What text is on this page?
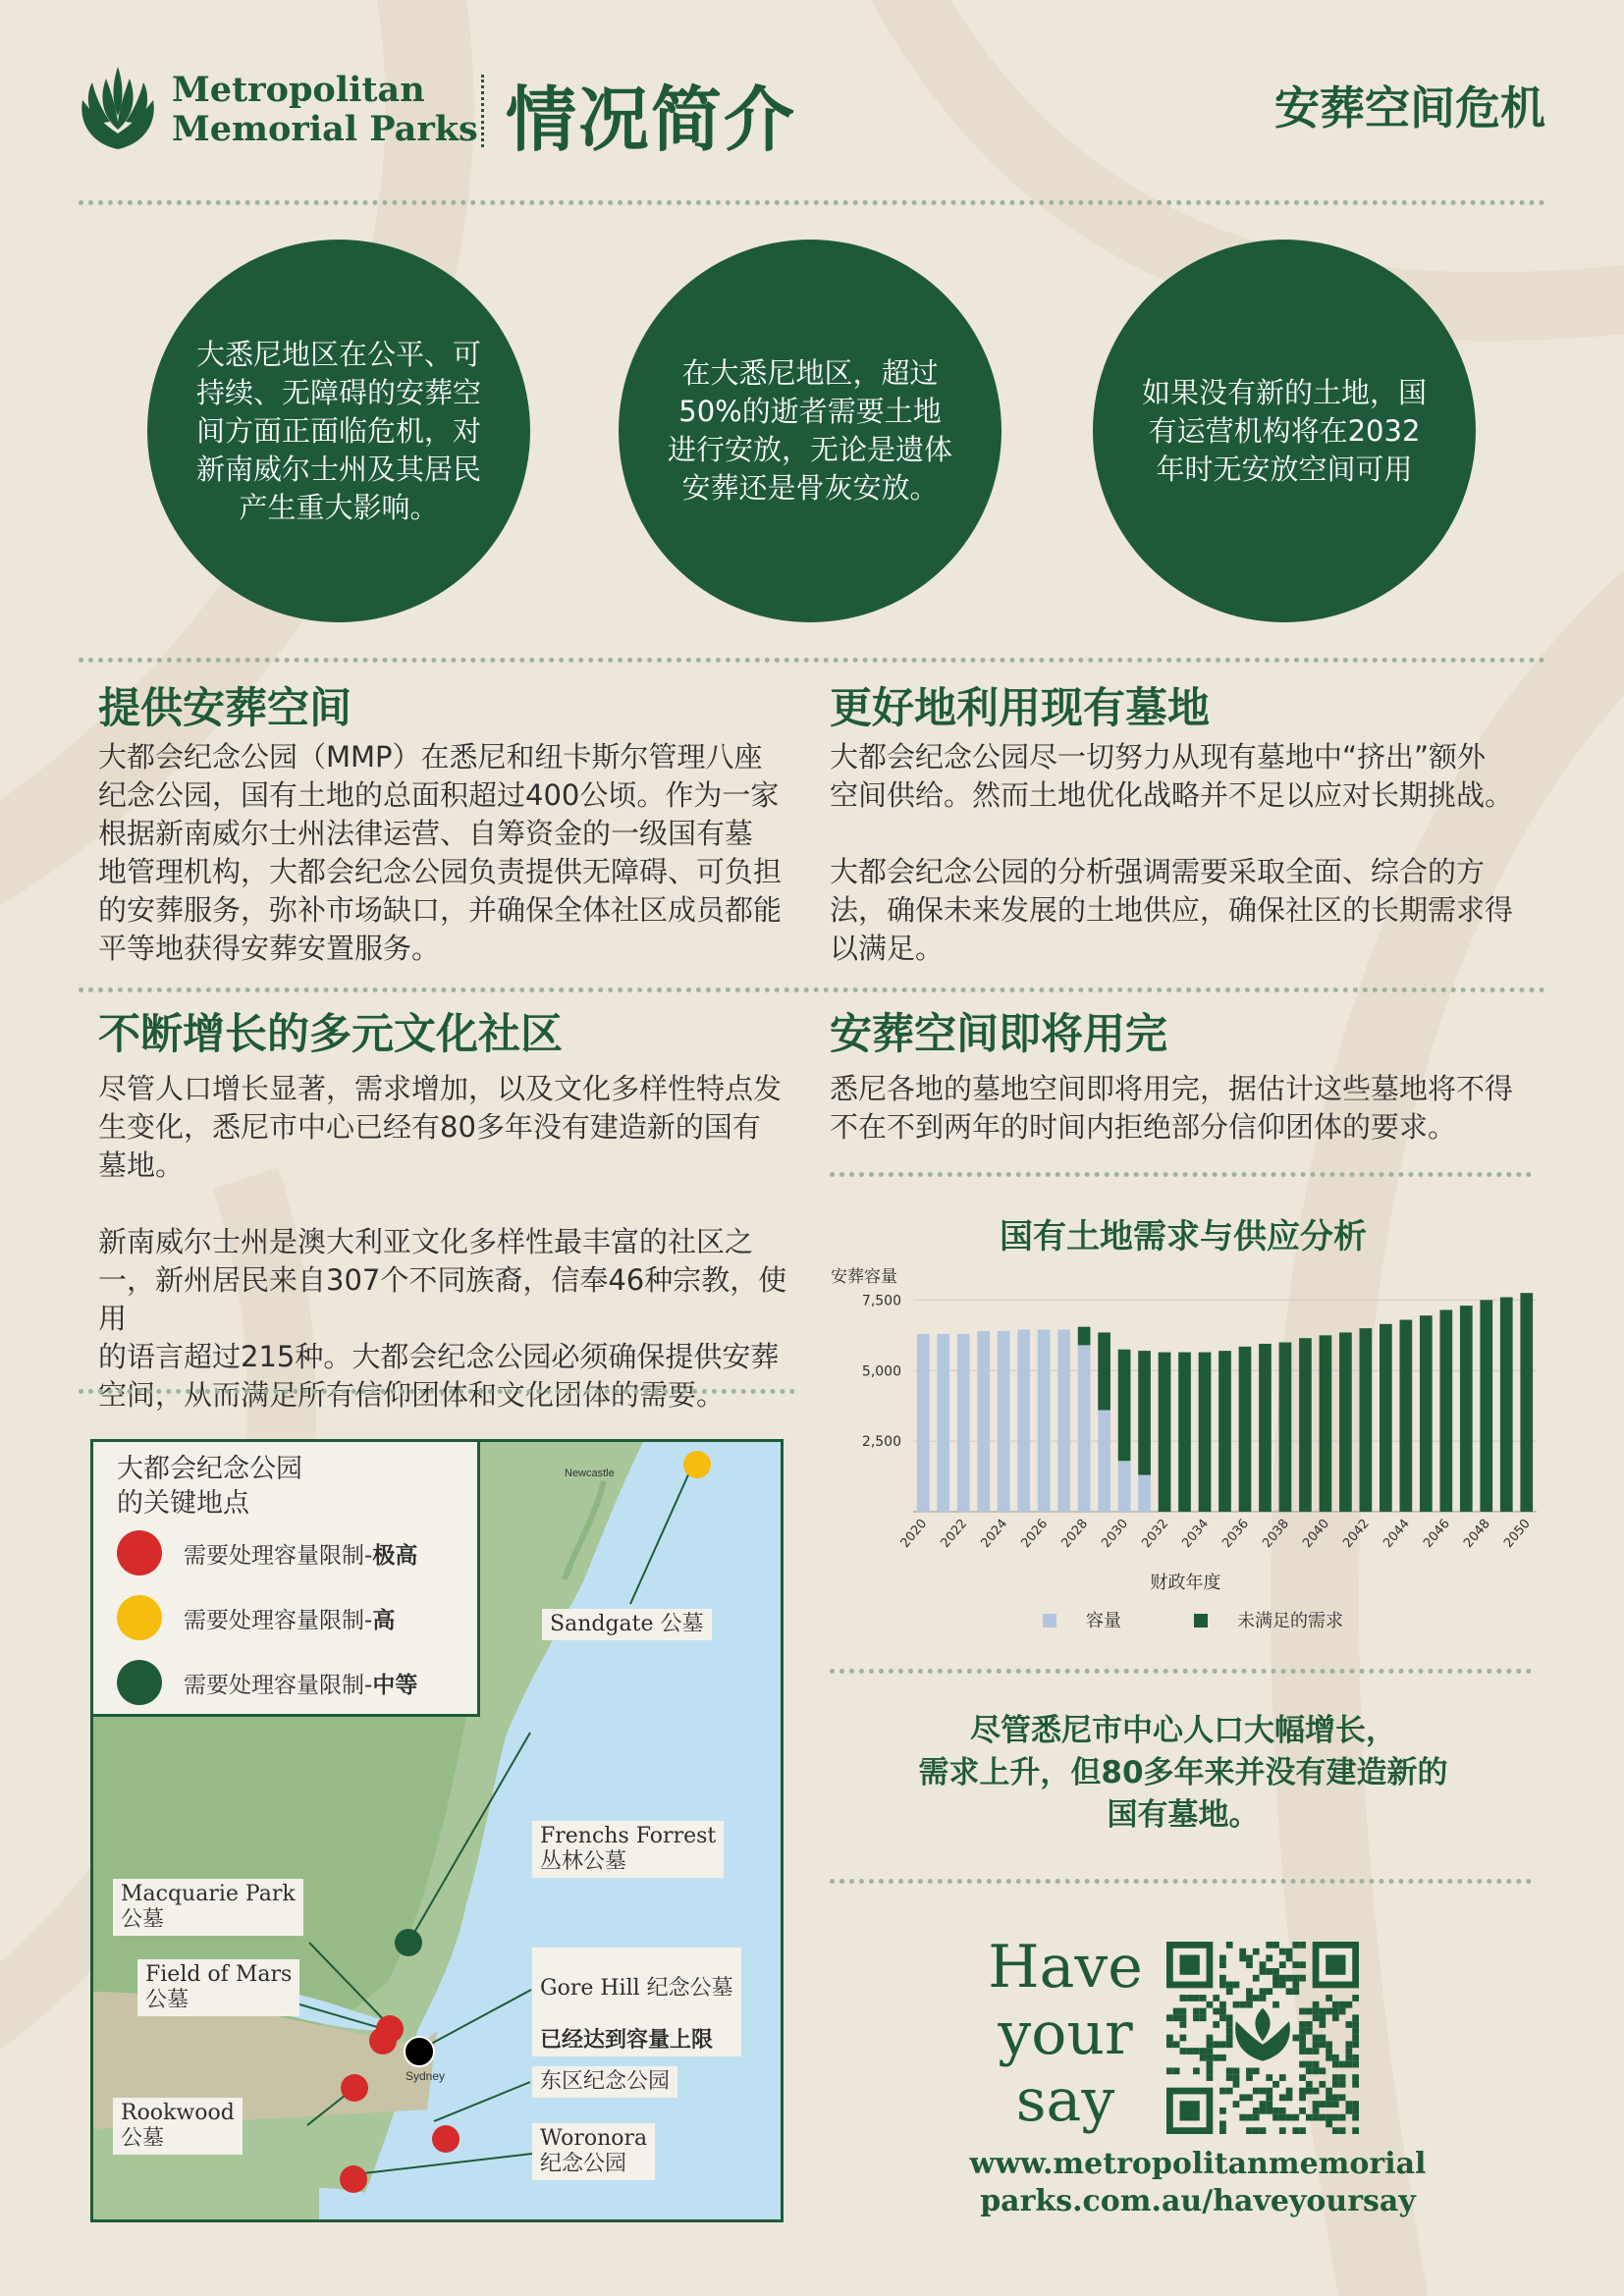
Metropolitan
Memorial Parks 情况简介	安葬空间危机
大悉尼地区在公平、可持续、无障碍的安葬空间方面正面临危机，对新南威尔士州及其居民产生重大影响。
在大悉尼地区，超过50%的逝者需要土地进行安放，无论是遗体安葬还是骨灰安放。
如果没有新的土地，国有运营机构将在2032年时无安放空间可用
提供安葬空间
大都会纪念公园（MMP）在悉尼和纽卡斯尔管理八座
纪念公园，国有土地的总面积超过400公顷。作为一家
根据新南威尔士州法律运营、自筹资金的一级国有墓
地管理机构，大都会纪念公园负责提供无障碍、可负担
的安葬服务，弥补市场缺口，并确保全体社区成员都能
平等地获得安葬安置服务。
更好地利用现有墓地
大都会纪念公园尽一切努力从现有墓地中“挤出”额外
空间供给。然而土地优化战略并不足以应对长期挑战。

大都会纪念公园的分析强调需要采取全面、综合的方
法，确保未来发展的土地供应，确保社区的长期需求得
以满足。
不断增长的多元文化社区
尽管人口增长显著，需求增加，以及文化多样性特点发
生变化，悉尼市中心已经有80多年没有建造新的国有
墓地。

新南威尔士州是澳大利亚文化多样性最丰富的社区之
一，新州居民来自307个不同族裔，信奉46种宗教，使用
的语言超过215种。大都会纪念公园必须确保提供安葬
空间，从而满足所有信仰团体和文化团体的需要。
安葬空间即将用完
悉尼各地的墓地空间即将用完，据估计这些墓地将不得
不在不到两年的时间内拒绝部分信仰团体的要求。
国有土地需求与供应分析
安葬容量
2,500
5,000
7,500
2020 2022 2024 2026 2028 2030 2032 2034 2036 2038 2040 2042 2044 2046 2048 2050
财政年度
容量	未满足的需求
尽管悉尼市中心人口大幅增长，
需求上升，但80多年来并没有建造新的
国有墓地。
Have
your
say
www.metropolitanmemorial
parks.com.au/haveyoursay
Newcastle
Sydney
Sandgate 公墓
Frenchs Forrest
丛林公墓
Macquarie Park
公墓
Field of Mars
公墓	Gore Hill 纪念公墓

已经达到容量上限

东区纪念公园
Rookwood
公墓	Woronora
纪念公园
大都会纪念公园
的关键地点
需要处理容量限制-极高
需要处理容量限制-高
需要处理容量限制-中等
